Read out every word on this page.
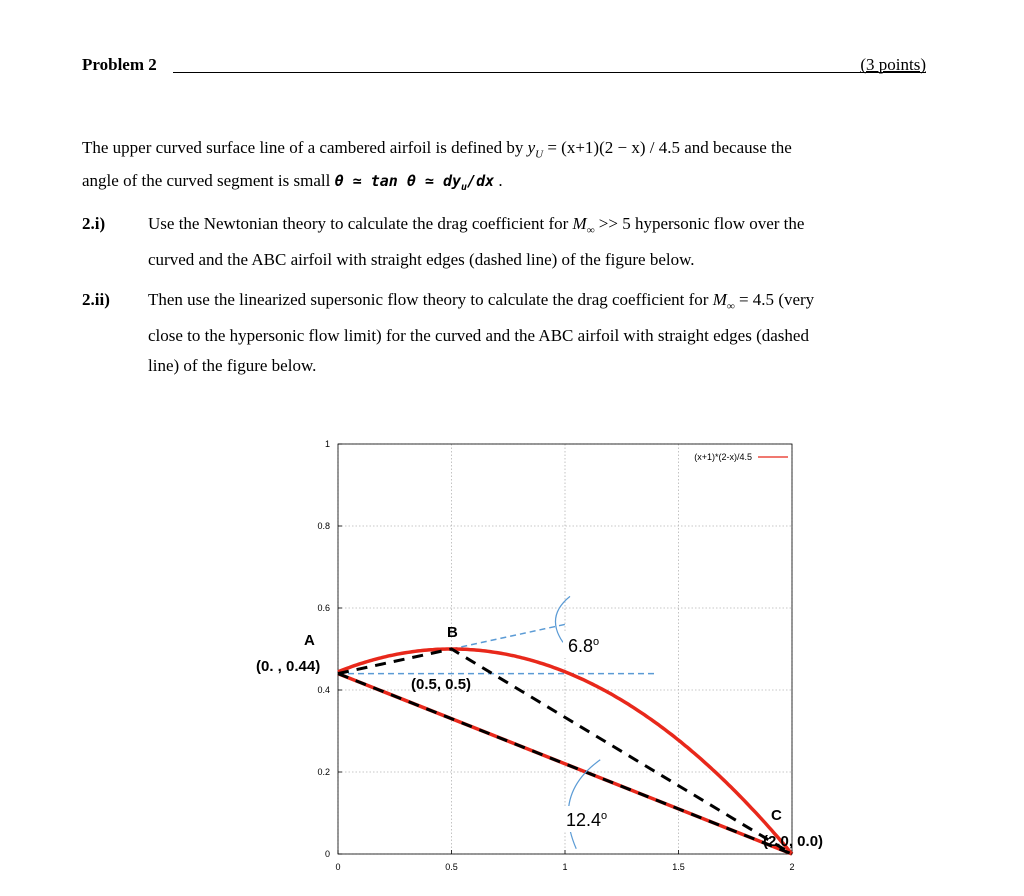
Problem 2	(3 points)
The upper curved surface line of a cambered airfoil is defined by $y_U = (x+1)(2 - x) / 4.5$ and because the
angle of the curved segment is small θ ≃ tan θ ≃ $dy_u/dx$ .
2.i)	Use the Newtonian theory to calculate the drag coefficient for $M_\infty >> 5$ hypersonic flow over the
curved and the ABC airfoil with straight edges (dashed line) of the figure below.
2.ii) Then use the linearized supersonic flow theory to calculate the drag coefficient for $M_\infty = 4.5$ (very
close to the hypersonic flow limit) for the curved and the ABC airfoil with straight edges (dashed
line) of the figure below.
0	0.5	1	1.5	2
0
0.2
0.4
0.6
0.8
1
(x+1)*(2-x)/4.5
A
(0. , 0.44)
B
(0.5, 0.5)
C
(2.0, 0.0)
6.8$^o$
12.4$^o$
